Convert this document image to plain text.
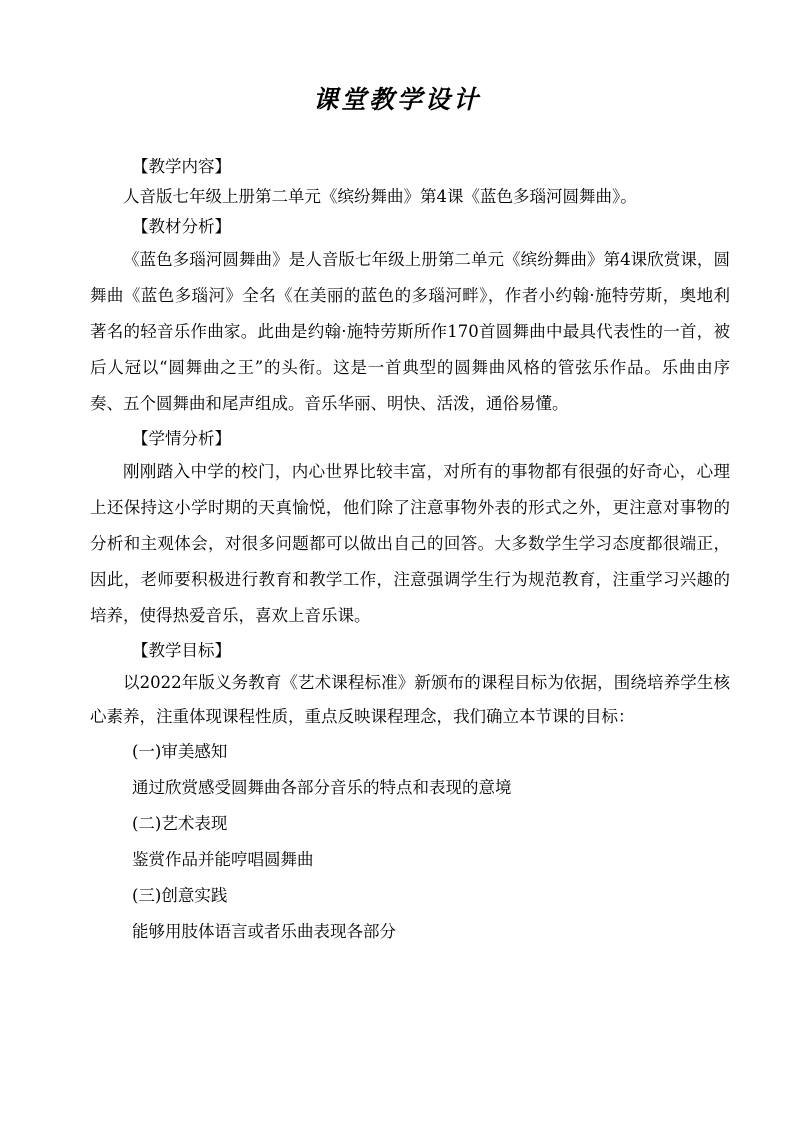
课堂教学设计
【教学内容】

人音版七年级上册第二单元《缤纷舞曲》第4课《蓝色多瑙河圆舞曲》。

【教材分析】

《蓝色多瑙河圆舞曲》是人音版七年级上册第二单元《缤纷舞曲》第4课欣赏课，圆舞曲《蓝色多瑙河》全名《在美丽的蓝色的多瑙河畔》，作者小约翰·施特劳斯，奥地利著名的轻音乐作曲家。此曲是约翰·施特劳斯所作170首圆舞曲中最具代表性的一首，被后人冠以“圆舞曲之王”的头衔。这是一首典型的圆舞曲风格的管弦乐作品。乐曲由序奏、五个圆舞曲和尾声组成。音乐华丽、明快、活泼，通俗易懂。

【学情分析】

刚刚踏入中学的校门，内心世界比较丰富，对所有的事物都有很强的好奇心，心理上还保持这小学时期的天真愉悦，他们除了注意事物外表的形式之外，更注意对事物的分析和主观体会，对很多问题都可以做出自己的回答。大多数学生学习态度都很端正，因此，老师要积极进行教育和教学工作，注意强调学生行为规范教育，注重学习兴趣的培养，使得热爱音乐，喜欢上音乐课。

【教学目标】

以2022年版义务教育《艺术课程标准》新颁布的课程目标为依据，围绕培养学生核心素养，注重体现课程性质，重点反映课程理念，我们确立本节课的目标：

(一)审美感知

通过欣赏感受圆舞曲各部分音乐的特点和表现的意境

(二)艺术表现

鉴赏作品并能哼唱圆舞曲

(三)创意实践

能够用肢体语言或者乐曲表现各部分
